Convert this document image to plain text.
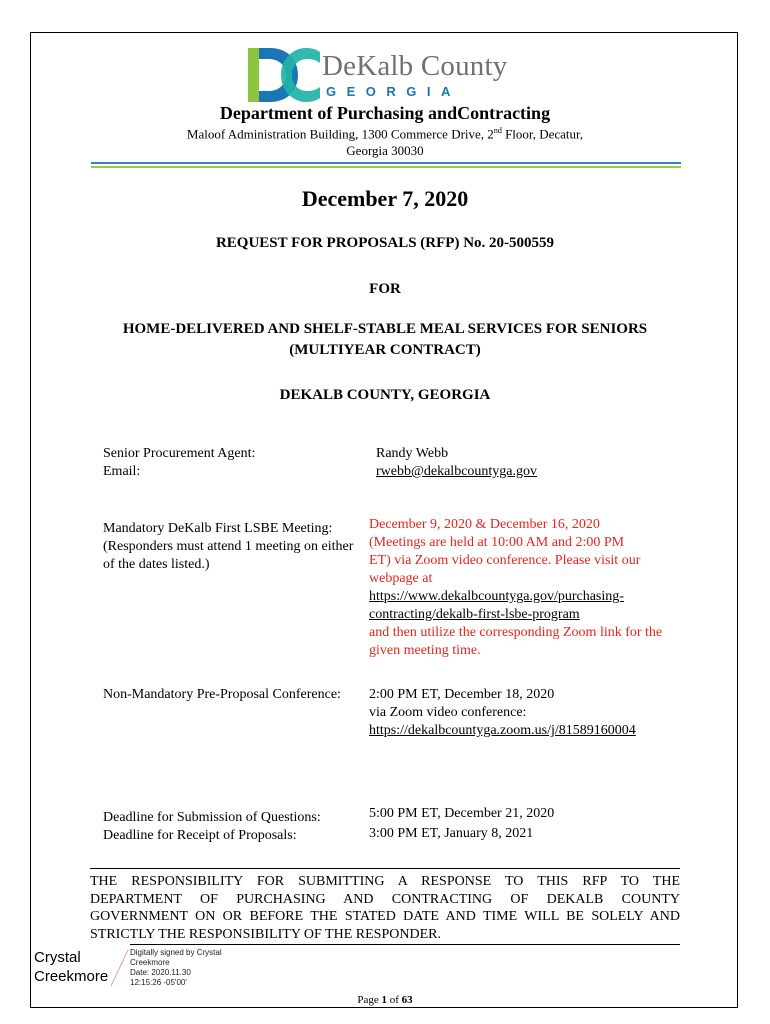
DeKalb County
GEORGIA
Department of Purchasing andContracting
Maloof Administration Building, 1300 Commerce Drive, 2nd Floor, Decatur,
Georgia 30030
December 7, 2020
REQUEST FOR PROPOSALS (RFP) No. 20-500559
FOR
HOME-DELIVERED AND SHELF-STABLE MEAL SERVICES FOR SENIORS
(MULTIYEAR CONTRACT)
DEKALB COUNTY, GEORGIA
Senior Procurement Agent:
Email:
Randy Webb
rwebb@dekalbcountyga.gov
Mandatory DeKalb First LSBE Meeting:
(Responders must attend 1 meeting on either
of the dates listed.)
December 9, 2020 & December 16, 2020
(Meetings are held at 10:00 AM and 2:00 PM
ET) via Zoom video conference. Please visit our
webpage at
https://www.dekalbcountyga.gov/purchasing-
contracting/dekalb-first-lsbe-program
and then utilize the corresponding Zoom link for the
given meeting time.
Non-Mandatory Pre-Proposal Conference: 2:00 PM ET, December 18, 2020
via Zoom video conference:
https://dekalbcountyga.zoom.us/j/81589160004
Deadline for Submission of Questions:
Deadline for Receipt of Proposals:
5:00 PM ET, December 21, 2020
3:00 PM ET, January 8, 2021
THE RESPONSIBILITY FOR SUBMITTING A RESPONSE TO THIS RFP TO THE
DEPARTMENT OF PURCHASING AND CONTRACTING OF DEKALB COUNTY
GOVERNMENT ON OR BEFORE THE STATED DATE AND TIME WILL BE SOLELY AND
STRICTLY THE RESPONSIBILITY OF THE RESPONDER.
Crystal
Creekmore
Digitally signed by Crystal
Creekmore
Date: 2020.11.30
12:15:26 -05'00'
Page 1 of 63
